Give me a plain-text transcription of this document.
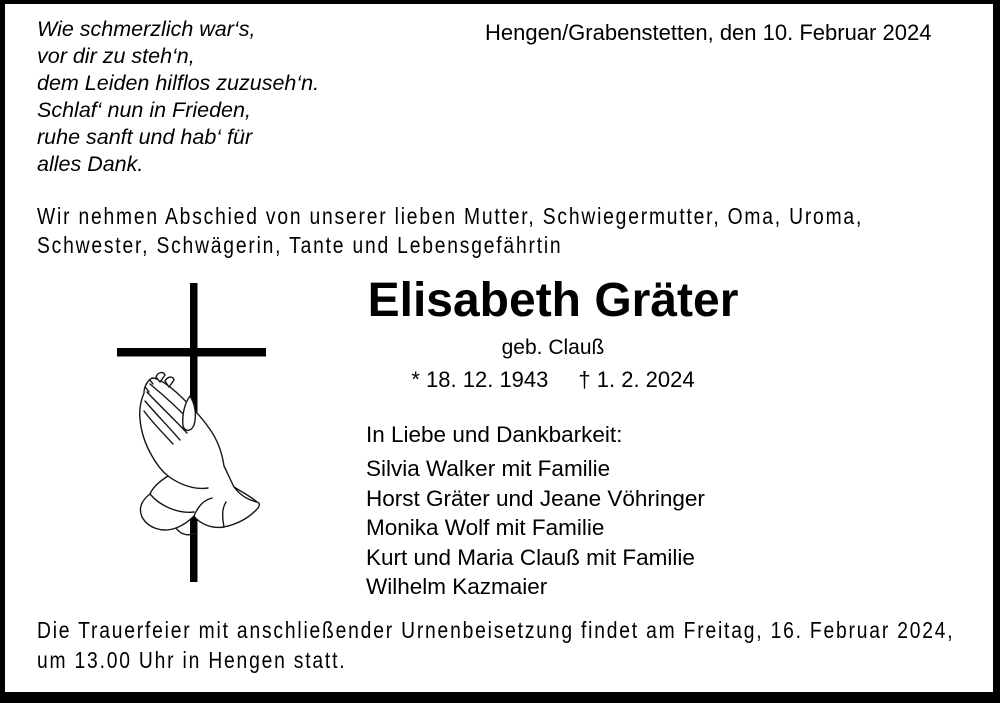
Wie schmerzlich war‘s,
vor dir zu steh‘n,
dem Leiden hilflos zuzuseh‘n.
Schlaf‘ nun in Frieden,
ruhe sanft und hab‘ für
alles Dank.
Hengen/Grabenstetten, den 10. Februar 2024
Wir nehmen Abschied von unserer lieben Mutter, Schwiegermutter, Oma, Uroma,
Schwester, Schwägerin, Tante und Lebensgefährtin
Elisabeth Gräter
geb. Clauß
* 18. 12. 1943 † 1. 2. 2024
In Liebe und Dankbarkeit:
Silvia Walker mit Familie
Horst Gräter und Jeane Vöhringer
Monika Wolf mit Familie
Kurt und Maria Clauß mit Familie
Wilhelm Kazmaier
Die Trauerfeier mit anschließender Urnenbeisetzung findet am Freitag, 16. Februar 2024,
um 13.00 Uhr in Hengen statt.
